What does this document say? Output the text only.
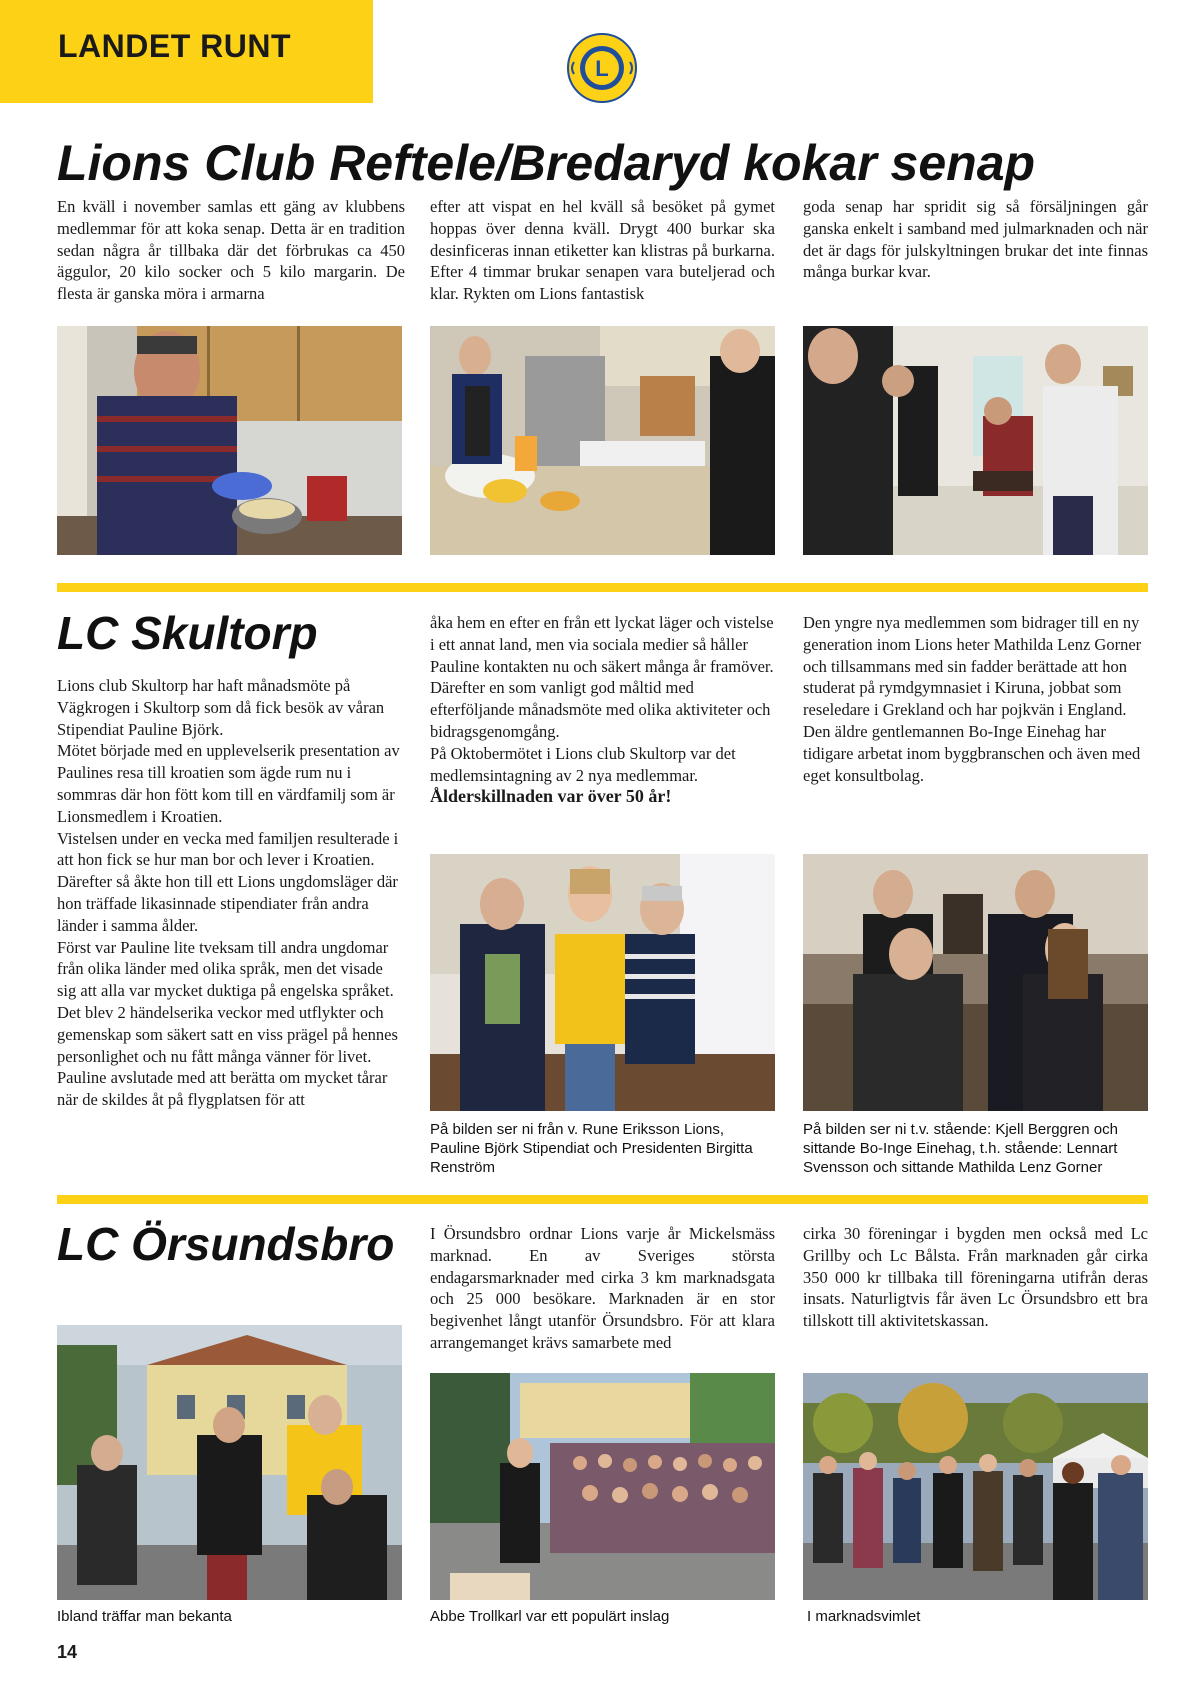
LANDET RUNT
L
Lions Club Reftele/Bredaryd kokar senap
En kväll i november samlas ett gäng av klubbens medlemmar för att koka senap. Detta är en tradition sedan några år tillbaka där det förbrukas ca 450 äggulor, 20 kilo socker och 5 kilo margarin. De flesta är ganska möra i armarna
efter att vispat en hel kväll så besöket på gymet hoppas över denna kväll. Drygt 400 burkar ska desinficeras innan etiketter kan klistras på burkarna. Efter 4 timmar brukar senapen vara buteljerad och klar. Rykten om Lions fantastisk
goda senap har spridit sig så försäljningen går ganska enkelt i samband med julmarknaden och när det är dags för julskyltningen brukar det inte finnas många burkar kvar.
LC Skultorp

Lions club Skultorp har haft månadsmöte på Vägkrogen i Skultorp som då fick besök av våran Stipendiat Pauline Björk.

Mötet började med en upplevelserik presentation av Paulines resa till kroatien som ägde rum nu i sommras där hon fött kom till en värdfamilj som är Lionsmedlem i Kroatien.

Vistelsen under en vecka med familjen resulterade i att hon fick se hur man bor och lever i Kroatien.

Därefter så åkte hon till ett Lions ungdomsläger där hon träffade likasinnade stipendiater från andra länder i samma ålder.

Först var Pauline lite tveksam till andra ungdomar från olika länder med olika språk, men det visade sig att alla var mycket duktiga på engelska språket.

Det blev 2 händelserika veckor med utflykter och gemenskap som säkert satt en viss prägel på hennes personlighet och nu fått många vänner för livet.

Pauline avslutade med att berätta om mycket tårar när de skildes åt på flygplatsen för att

åka hem en efter en från ett lyckat läger och vistelse i ett annat land, men via sociala medier så håller Pauline kontakten nu och säkert många år framöver. Därefter en som vanligt god måltid med efterföljande månadsmöte med olika aktiviteter och bidragsgenomgång.

På Oktobermötet i Lions club Skultorp var det medlemsintagning av 2 nya medlemmar.

Ålderskillnaden var över 50 år!

Den yngre nya medlemmen som bidrager till en ny generation inom Lions heter Mathilda Lenz Gorner och tillsammans med sin fadder berättade att hon studerat på rymdgymnasiet i Kiruna, jobbat som reseledare i Grekland och har pojkvän i England.

Den äldre gentlemannen Bo-Inge Einehag har tidigare arbetat inom byggbranschen och även med eget konsultbolag.

På bilden ser ni från v. Rune Eriksson Lions, Pauline Björk Stipendiat och Presidenten Birgitta Renström
På bilden ser ni t.v. stående: Kjell Berggren och sittande Bo-Inge Einehag, t.h. stående: Lennart Svensson och sittande Mathilda Lenz Gorner
LC Örsundsbro I Örsundsbro ordnar Lions varje år Mickelsmäss marknad. En av Sveriges största endagarsmarknader med cirka 3 km marknadsgata och 25 000 besökare. Marknaden är en stor begivenhet långt utanför Örsundsbro. För att klara arrangemanget krävs samarbete med
cirka 30 föreningar i bygden men också med Lc Grillby och Lc Bålsta. Från marknaden går cirka 350 000 kr tillbaka till föreningarna utifrån deras insats. Naturligtvis får även Lc Örsundsbro ett bra tillskott till aktivitetskassan.
Ibland träffar man bekanta	Abbe Trollkarl var ett populärt inslag	I marknadsvimlet
14
